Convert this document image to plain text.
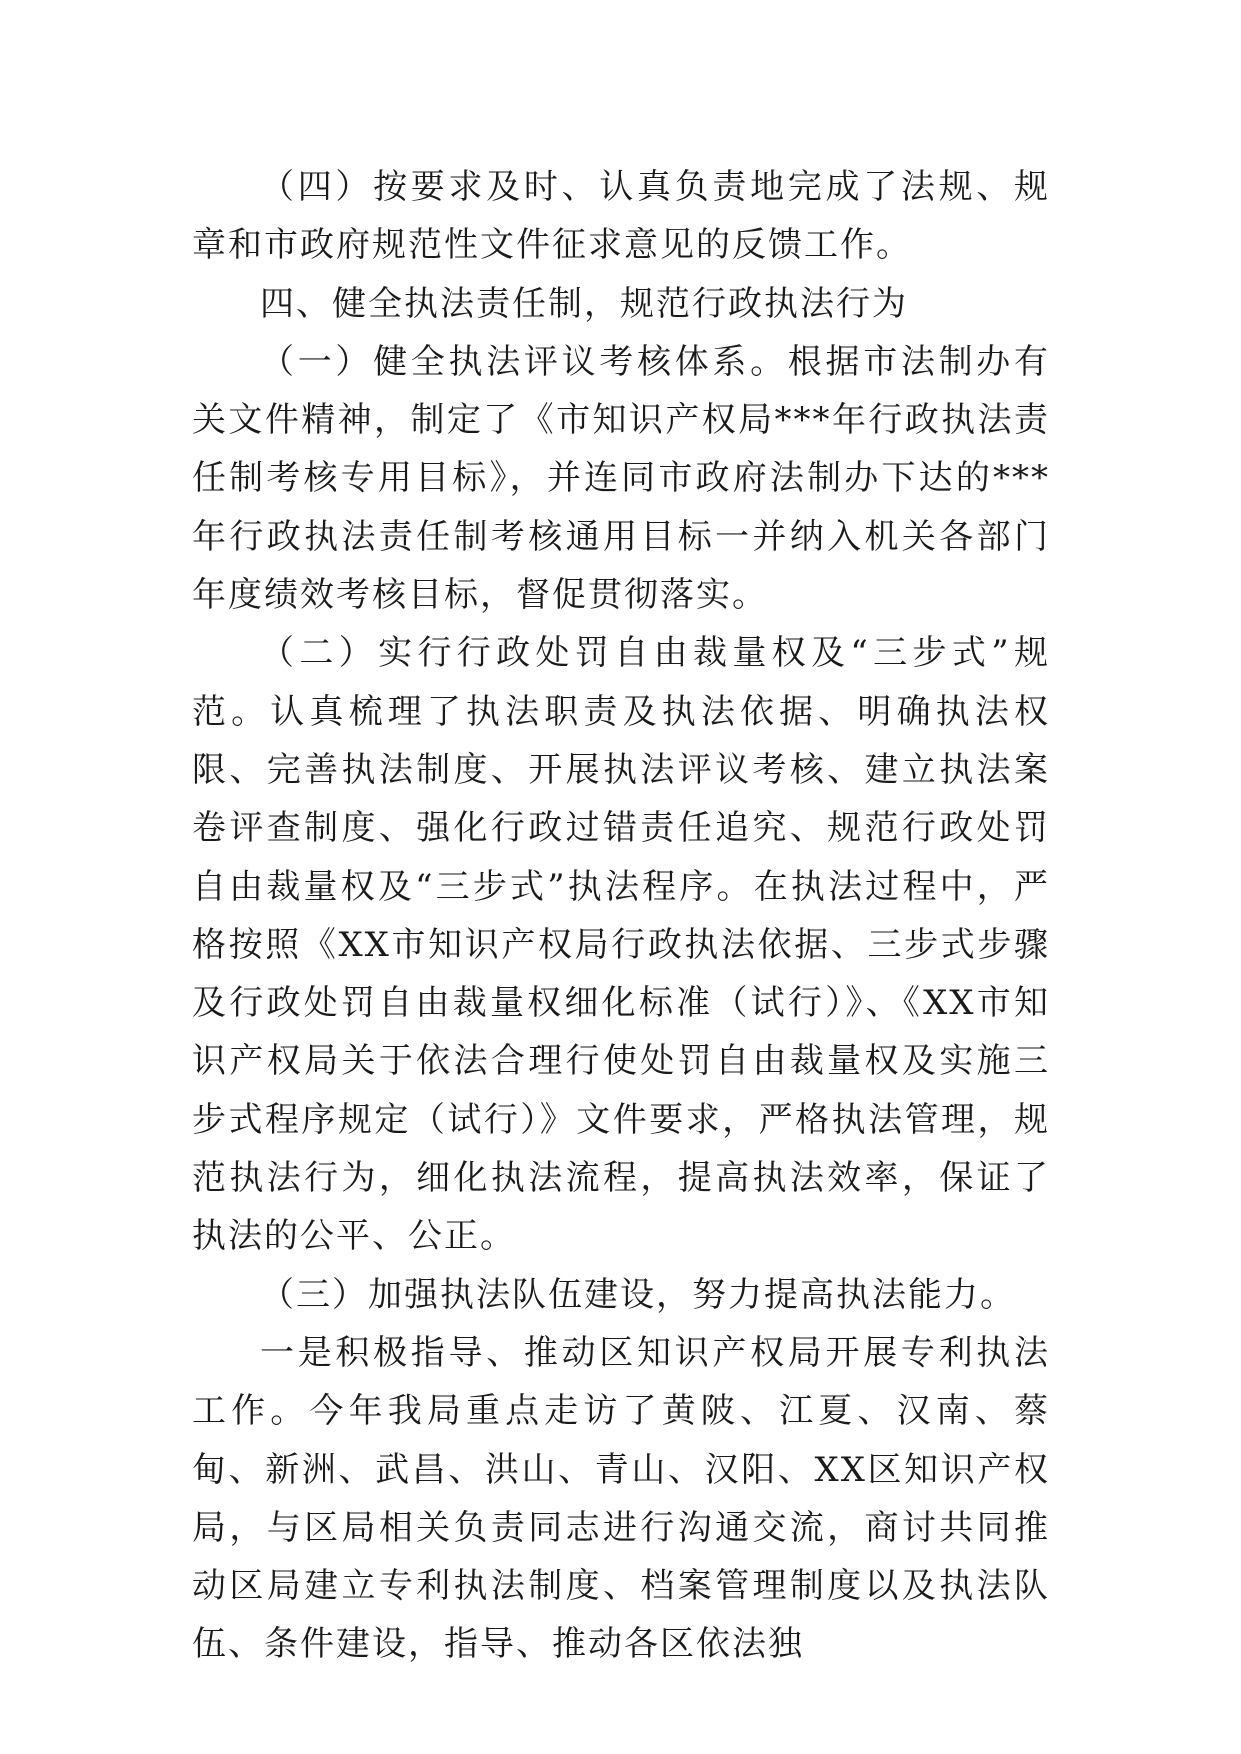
（四）按要求及时、认真负责地完成了法规、规章和市政府规范性文件征求意见的反馈工作。

四、健全执法责任制，规范行政执法行为

（一）健全执法评议考核体系。根据市法制办有关文件精神，制定了《市知识产权局***年行政执法责任制考核专用目标》，并连同市政府法制办下达的***年行政执法责任制考核通用目标一并纳入机关各部门年度绩效考核目标，督促贯彻落实。

（二）实行行政处罚自由裁量权及“三步式”规范。认真梳理了执法职责及执法依据、明确执法权限、完善执法制度、开展执法评议考核、建立执法案卷评查制度、强化行政过错责任追究、规范行政处罚自由裁量权及“三步式”执法程序。在执法过程中，严格按照《XX市知识产权局行政执法依据、三步式步骤及行政处罚自由裁量权细化标准（试行）》、《XX市知识产权局关于依法合理行使处罚自由裁量权及实施三步式程序规定（试行）》文件要求，严格执法管理，规范执法行为，细化执法流程，提高执法效率，保证了执法的公平、公正。

（三）加强执法队伍建设，努力提高执法能力。

一是积极指导、推动区知识产权局开展专利执法工作。今年我局重点走访了黄陂、江夏、汉南、蔡甸、新洲、武昌、洪山、青山、汉阳、XX区知识产权局，与区局相关负责同志进行沟通交流，商讨共同推动区局建立专利执法制度、档案管理制度以及执法队伍、条件建设，指导、推动各区依法独
